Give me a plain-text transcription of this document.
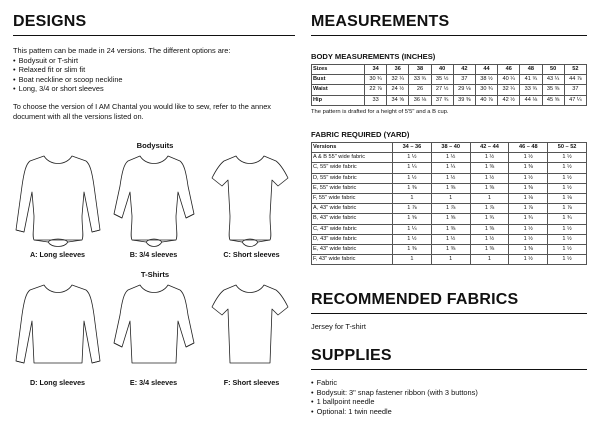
DESIGNS

This pattern can be made in 24 versions. The different options are:

• Bodysuit or T-shirt
• Relaxed fit or slim fit
• Boat neckline or scoop neckline
• Long, 3/4 or short sleeves

To choose the version of I AM Chantal you would like to sew, refer to the annex document with all the versions listed on.

Bodysuits
A: Long sleeves	B: 3/4 sleeves	C: Short sleeves
T-Shirts
D: Long sleeves	E: 3/4 sleeves	F: Short sleeves
MEASUREMENTS
BODY MEASUREMENTS (INCHES)
Sizes	34	36	38	40	42	44	46	48	50	52
Bust	30 ¾	32 ¼	33 ¾	35 ½	37	38 ½	40 ¼	41 ¾	43 ¼	44 ⅞
Waist	22 ⅞	24 ½	26	27 ½	29 ⅛	30 ¾	32 ¼	33 ¾	35 ⅜	37
Hip	33	34 ⅝	36 ⅛	37 ¾	39 ⅜	40 ⅞	42 ½	44 ⅛	45 ⅝	47 ¼
The pattern is drafted for a height of 5'5" and a B cup.
FABRIC REQUIRED (YARD)
Versions	34 – 36	38 – 40	42 – 44	46 – 48	50 – 52
A & B 55" wide fabric	1 ½	1 ½	1 ½	1 ½	1 ½
C, 55" wide fabric	1 ¼	1 ¼	1 ⅜	1 ⅜	1 ½
D, 55" wide fabric	1 ½	1 ½	1 ½	1 ½	1 ½
E, 55" wide fabric	1 ⅜	1 ⅜	1 ⅜	1 ⅜	1 ½
F, 55" wide fabric	1	1	1	1 ⅛	1 ⅛
A, 43" wide fabric	1 ⅞	1 ⅞	1 ⅞	1 ⅞	1 ⅞
B, 43" wide fabric	1 ⅝	1 ⅝	1 ¾	1 ¾	1 ¾
C, 43" wide fabric	1 ¼	1 ⅜	1 ⅜	1 ½	1 ½
D, 43" wide fabric	1 ½	1 ½	1 ½	1 ½	1 ½
E, 43" wide fabric	1 ⅜	1 ⅜	1 ⅜	1 ⅜	1 ½
F, 43" wide fabric	1	1	1	1 ½	1 ½
RECOMMENDED FABRICS

Jersey for T-shirt

SUPPLIES
• Fabric
• Bodysuit: 3" snap fastener ribbon (with 3 buttons)
• 1 ballpoint needle
• Optional: 1 twin needle
